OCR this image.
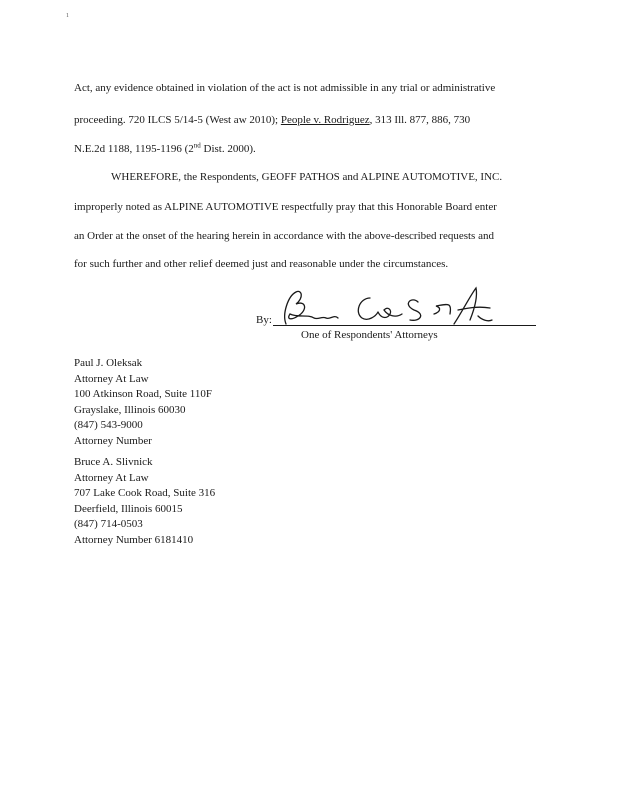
1
Act, any evidence obtained in violation of the act is not admissible in any trial or administrative
proceeding. 720 ILCS 5/14-5 (West aw 2010); People v. Rodriguez, 313 Ill. 877, 886, 730
N.E.2d 1188, 1195-1196 (2nd Dist. 2000).
WHEREFORE, the Respondents, GEOFF PATHOS and ALPINE AUTOMOTIVE, INC.
improperly noted as ALPINE AUTOMOTIVE respectfully pray that this Honorable Board enter
an Order at the onset of the hearing herein in accordance with the above-described requests and
for such further and other relief deemed just and reasonable under the circumstances.
By:
One of Respondents' Attorneys
Paul J. Oleksak
Attorney At Law
100 Atkinson Road, Suite 110F
Grayslake, Illinois 60030
(847) 543-9000
Attorney Number
Bruce A. Slivnick
Attorney At Law
707 Lake Cook Road, Suite 316
Deerfield, Illinois 60015
(847) 714-0503
Attorney Number 6181410
